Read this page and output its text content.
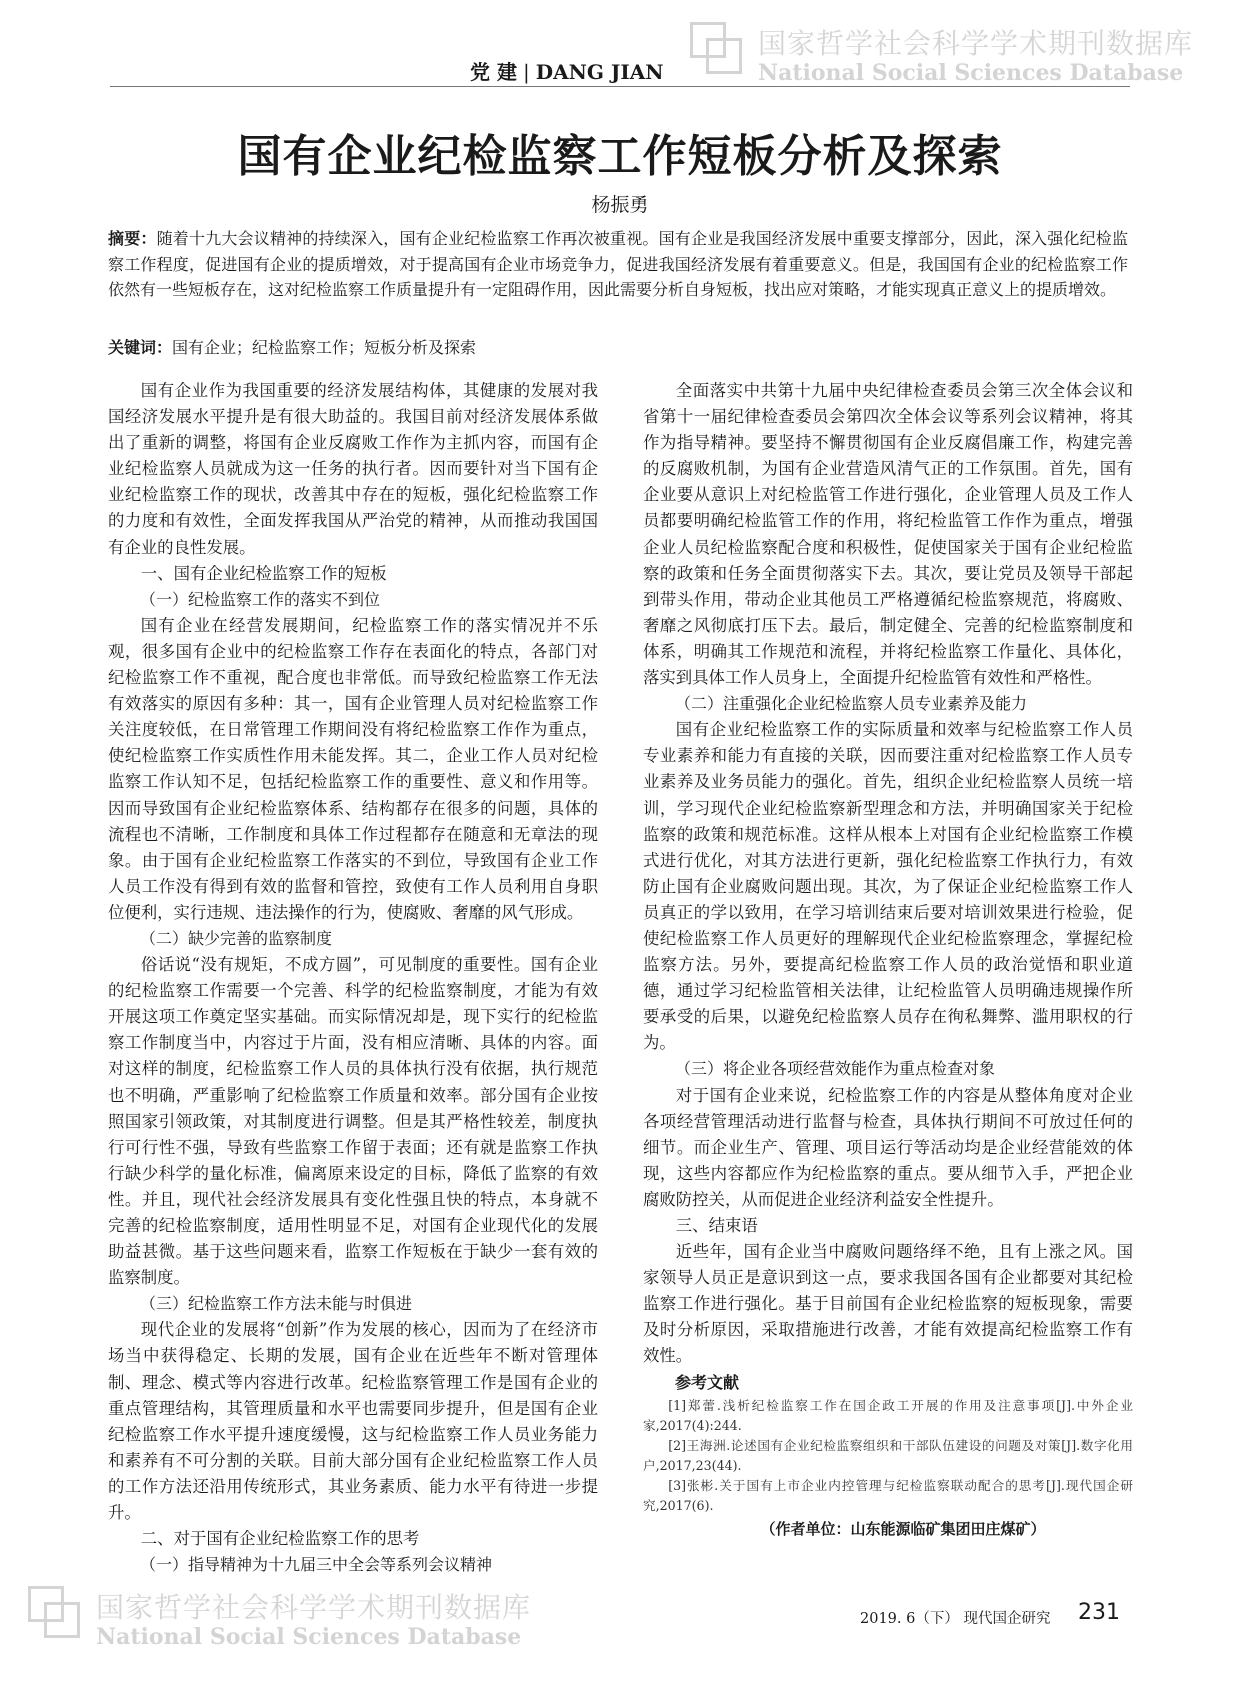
国家哲学社会科学学术期刊数据库
National Social Sciences Database
党 建 | DANG JIAN
国有企业纪检监察工作短板分析及探索
杨振勇
摘要：随着十九大会议精神的持续深入，国有企业纪检监察工作再次被重视。国有企业是我国经济发展中重要支撑部分，因此，深入强化纪检监察工作程度，促进国有企业的提质增效，对于提高国有企业市场竞争力，促进我国经济发展有着重要意义。但是，我国国有企业的纪检监察工作依然有一些短板存在，这对纪检监察工作质量提升有一定阻碍作用，因此需要分析自身短板，找出应对策略，才能实现真正意义上的提质增效。
关键词：国有企业；纪检监察工作；短板分析及探索

国有企业作为我国重要的经济发展结构体，其健康的发展对我国经济发展水平提升是有很大助益的。我国目前对经济发展体系做出了重新的调整，将国有企业反腐败工作作为主抓内容，而国有企业纪检监察人员就成为这一任务的执行者。因而要针对当下国有企业纪检监察工作的现状，改善其中存在的短板，强化纪检监察工作的力度和有效性，全面发挥我国从严治党的精神，从而推动我国国有企业的良性发展。

一、国有企业纪检监察工作的短板
（一）纪检监察工作的落实不到位

国有企业在经营发展期间，纪检监察工作的落实情况并不乐观，很多国有企业中的纪检监察工作存在表面化的特点，各部门对纪检监察工作不重视，配合度也非常低。而导致纪检监察工作无法有效落实的原因有多种：其一，国有企业管理人员对纪检监察工作关注度较低，在日常管理工作期间没有将纪检监察工作作为重点，使纪检监察工作实质性作用未能发挥。其二，企业工作人员对纪检监察工作认知不足，包括纪检监察工作的重要性、意义和作用等。因而导致国有企业纪检监察体系、结构都存在很多的问题，具体的流程也不清晰，工作制度和具体工作过程都存在随意和无章法的现象。由于国有企业纪检监察工作落实的不到位，导致国有企业工作人员工作没有得到有效的监督和管控，致使有工作人员利用自身职位便利，实行违规、违法操作的行为，使腐败、奢靡的风气形成。

（二）缺少完善的监察制度

俗话说“没有规矩，不成方圆”，可见制度的重要性。国有企业的纪检监察工作需要一个完善、科学的纪检监察制度，才能为有效开展这项工作奠定坚实基础。而实际情况却是，现下实行的纪检监察工作制度当中，内容过于片面，没有相应清晰、具体的内容。面对这样的制度，纪检监察工作人员的具体执行没有依据，执行规范也不明确，严重影响了纪检监察工作质量和效率。部分国有企业按照国家引领政策，对其制度进行调整。但是其严格性较差，制度执行可行性不强，导致有些监察工作留于表面；还有就是监察工作执行缺少科学的量化标准，偏离原来设定的目标，降低了监察的有效性。并且，现代社会经济发展具有变化性强且快的特点，本身就不完善的纪检监察制度，适用性明显不足，对国有企业现代化的发展助益甚微。基于这些问题来看，监察工作短板在于缺少一套有效的监察制度。

（三）纪检监察工作方法未能与时俱进

现代企业的发展将“创新”作为发展的核心，因而为了在经济市场当中获得稳定、长期的发展，国有企业在近些年不断对管理体制、理念、模式等内容进行改革。纪检监察管理工作是国有企业的重点管理结构，其管理质量和水平也需要同步提升，但是国有企业纪检监察工作水平提升速度缓慢，这与纪检监察工作人员业务能力和素养有不可分割的关联。目前大部分国有企业纪检监察工作人员的工作方法还沿用传统形式，其业务素质、能力水平有待进一步提升。

二、对于国有企业纪检监察工作的思考
（一）指导精神为十九届三中全会等系列会议精神

全面落实中共第十九届中央纪律检查委员会第三次全体会议和省第十一届纪律检查委员会第四次全体会议等系列会议精神，将其作为指导精神。要坚持不懈贯彻国有企业反腐倡廉工作，构建完善的反腐败机制，为国有企业营造风清气正的工作氛围。首先，国有企业要从意识上对纪检监管工作进行强化，企业管理人员及工作人员都要明确纪检监管工作的作用，将纪检监管工作作为重点，增强企业人员纪检监察配合度和积极性，促使国家关于国有企业纪检监察的政策和任务全面贯彻落实下去。其次，要让党员及领导干部起到带头作用，带动企业其他员工严格遵循纪检监察规范，将腐败、奢靡之风彻底打压下去。最后，制定健全、完善的纪检监察制度和体系，明确其工作规范和流程，并将纪检监察工作量化、具体化，落实到具体工作人员身上，全面提升纪检监管有效性和严格性。

（二）注重强化企业纪检监察人员专业素养及能力

国有企业纪检监察工作的实际质量和效率与纪检监察工作人员专业素养和能力有直接的关联，因而要注重对纪检监察工作人员专业素养及业务员能力的强化。首先，组织企业纪检监察人员统一培训，学习现代企业纪检监察新型理念和方法，并明确国家关于纪检监察的政策和规范标准。这样从根本上对国有企业纪检监察工作模式进行优化，对其方法进行更新，强化纪检监察工作执行力，有效防止国有企业腐败问题出现。其次，为了保证企业纪检监察工作人员真正的学以致用，在学习培训结束后要对培训效果进行检验，促使纪检监察工作人员更好的理解现代企业纪检监察理念，掌握纪检监察方法。另外，要提高纪检监察工作人员的政治觉悟和职业道德，通过学习纪检监管相关法律，让纪检监管人员明确违规操作所要承受的后果，以避免纪检监察人员存在徇私舞弊、滥用职权的行为。

（三）将企业各项经营效能作为重点检查对象

对于国有企业来说，纪检监察工作的内容是从整体角度对企业各项经营管理活动进行监督与检查，具体执行期间不可放过任何的细节。而企业生产、管理、项目运行等活动均是企业经营能效的体现，这些内容都应作为纪检监察的重点。要从细节入手，严把企业腐败防控关，从而促进企业经济利益安全性提升。

三、结束语

近些年，国有企业当中腐败问题络绎不绝，且有上涨之风。国家领导人员正是意识到这一点，要求我国各国有企业都要对其纪检监察工作进行强化。基于目前国有企业纪检监察的短板现象，需要及时分析原因，采取措施进行改善，才能有效提高纪检监察工作有效性。

参考文献

[1]郑蕾.浅析纪检监察工作在国企政工开展的作用及注意事项[J].中外企业家,2017(4):244.

[2]王海洲.论述国有企业纪检监察组织和干部队伍建设的问题及对策[J].数字化用户,2017,23(44).

[3]张彬.关于国有上市企业内控管理与纪检监察联动配合的思考[J].现代国企研究,2017(6).

（作者单位：山东能源临矿集团田庄煤矿）

国家哲学社会科学学术期刊数据库
National Social Sciences Database
2019. 6（下） 现代国企研究 231
